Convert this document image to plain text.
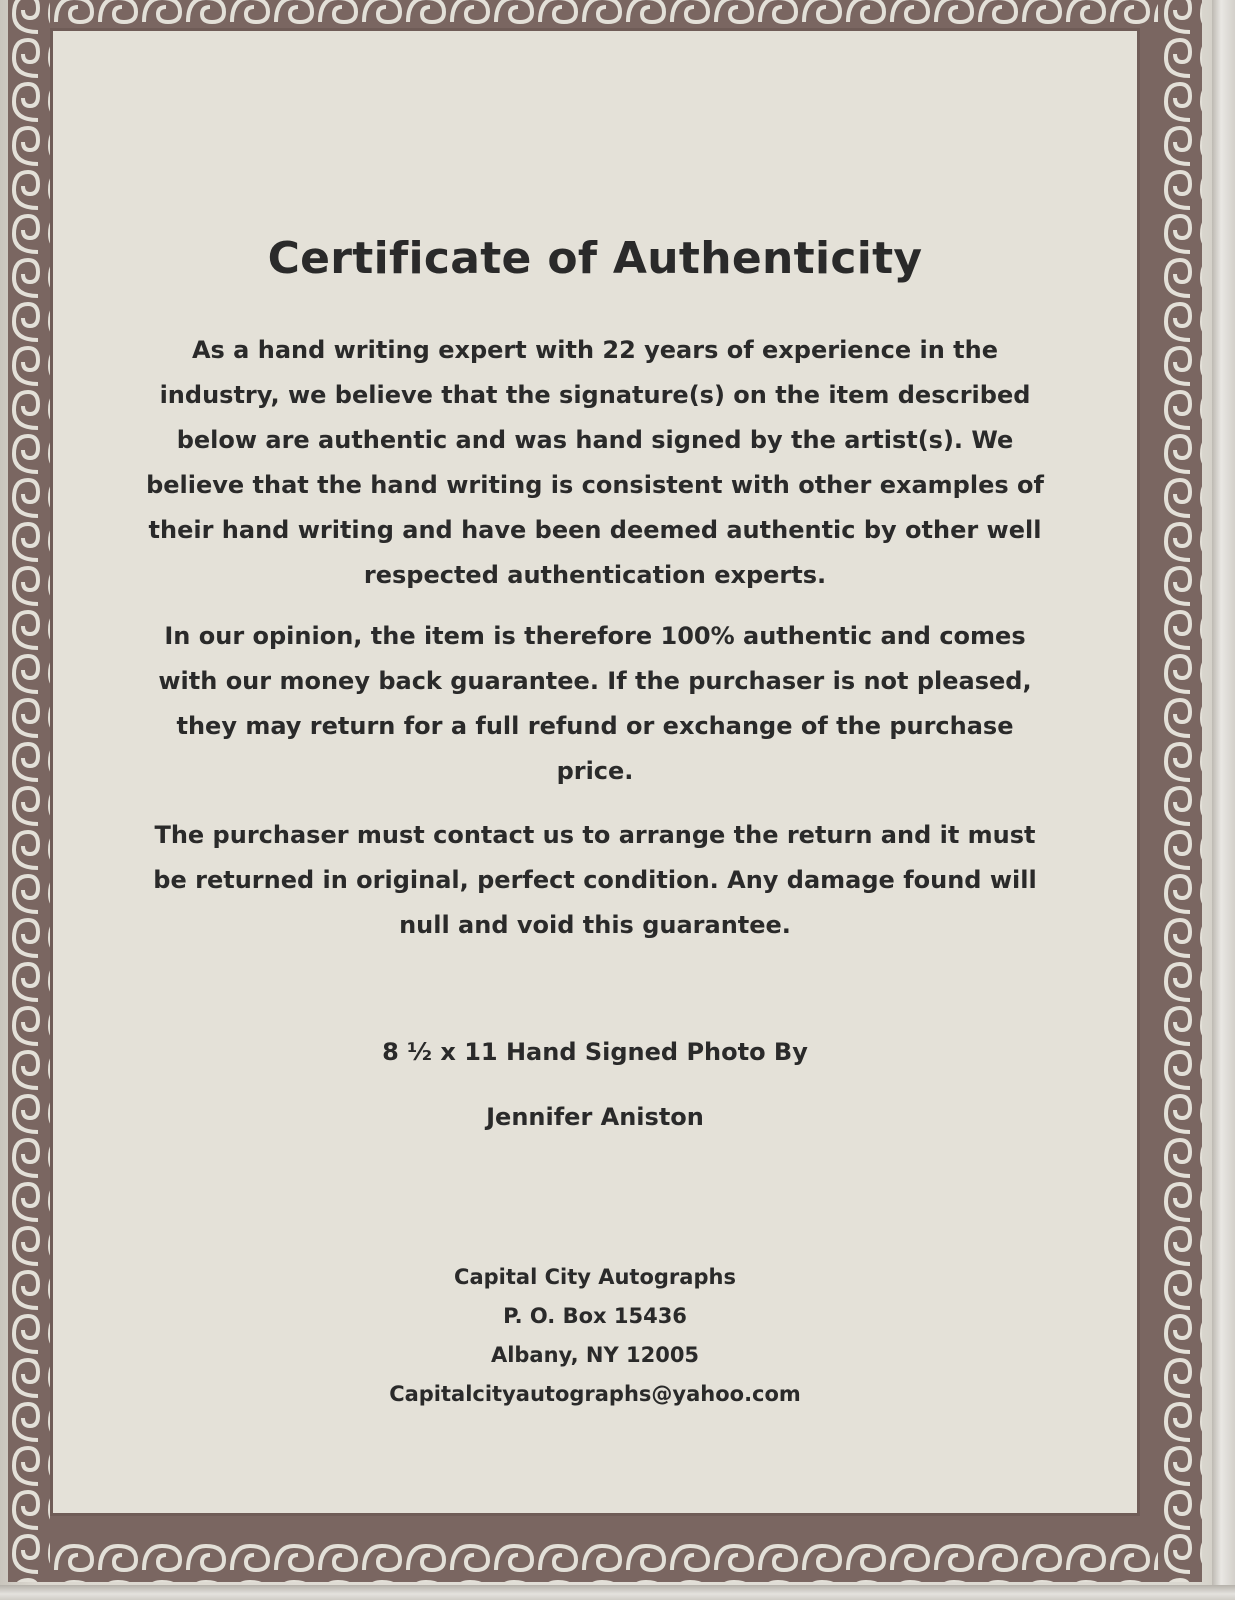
Certificate of Authenticity
As a hand writing expert with 22 years of experience in the industry, we believe that the signature(s) on the item described below are authentic and was hand signed by the artist(s). We believe that the hand writing is consistent with other examples of their hand writing and have been deemed authentic by other well respected authentication experts.
In our opinion, the item is therefore 100% authentic and comes with our money back guarantee. If the purchaser is not pleased, they may return for a full refund or exchange of the purchase price.
The purchaser must contact us to arrange the return and it must be returned in original, perfect condition. Any damage found will null and void this guarantee.
8 ½ x 11 Hand Signed Photo By
Jennifer Aniston
Capital City Autographs
P. O. Box 15436
Albany, NY 12005
Capitalcityautographs@yahoo.com
